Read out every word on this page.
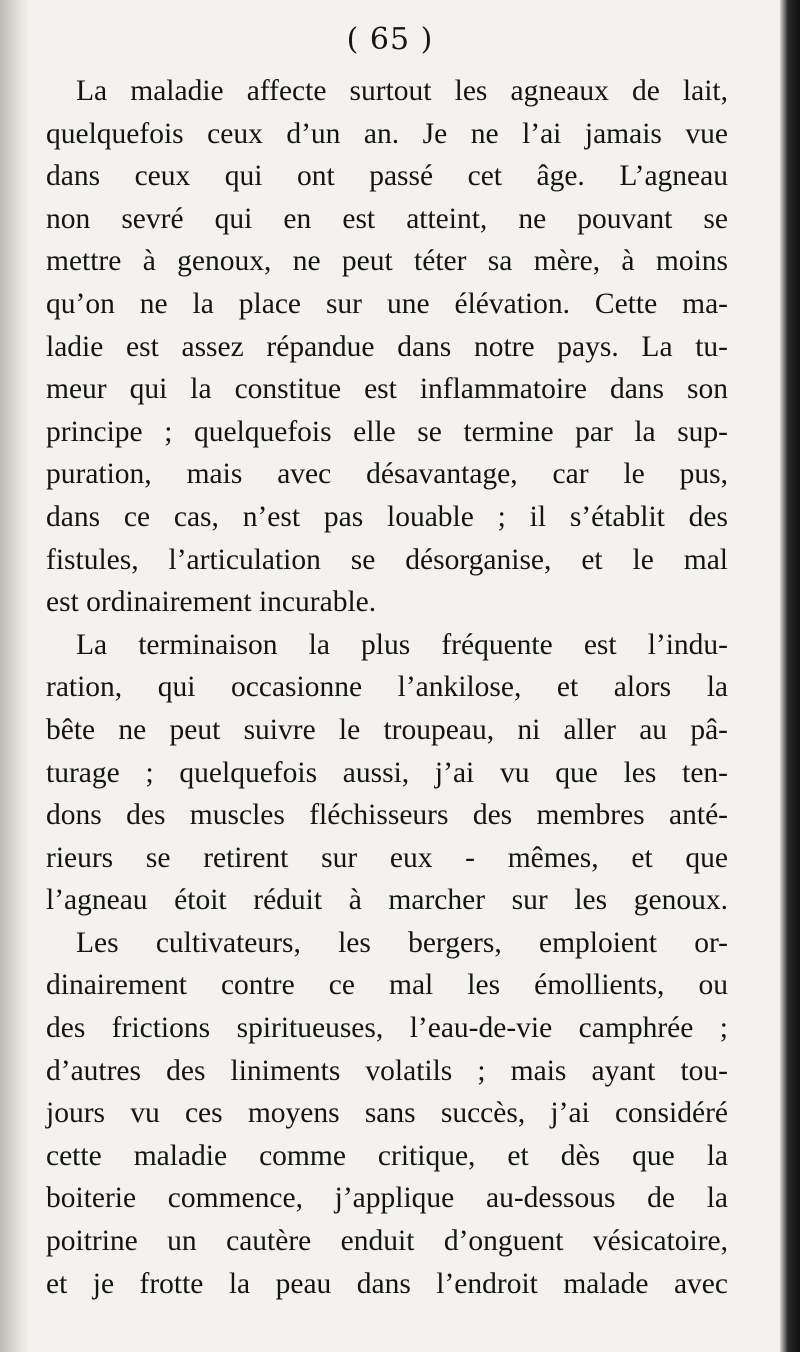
( 65 )
La maladie affecte surtout les agneaux de lait,
quelquefois ceux d’un an. Je ne l’ai jamais vue
dans ceux qui ont passé cet âge. L’agneau
non sevré qui en est atteint, ne pouvant se
mettre à genoux, ne peut téter sa mère, à moins
qu’on ne la place sur une élévation. Cette ma-
ladie est assez répandue dans notre pays. La tu-
meur qui la constitue est inflammatoire dans son
principe ; quelquefois elle se termine par la sup-
puration, mais avec désavantage, car le pus,
dans ce cas, n’est pas louable ; il s’établit des
fistules, l’articulation se désorganise, et le mal
est ordinairement incurable.
La terminaison la plus fréquente est l’indu-
ration, qui occasionne l’ankilose, et alors la
bête ne peut suivre le troupeau, ni aller au pâ-
turage ; quelquefois aussi, j’ai vu que les ten-
dons des muscles fléchisseurs des membres anté-
rieurs se retirent sur eux - mêmes, et que
l’agneau étoit réduit à marcher sur les genoux.
Les cultivateurs, les bergers, emploient or-
dinairement contre ce mal les émollients, ou
des frictions spiritueuses, l’eau-de-vie camphrée ;
d’autres des liniments volatils ; mais ayant tou-
jours vu ces moyens sans succès, j’ai considéré
cette maladie comme critique, et dès que la
boiterie commence, j’applique au-dessous de la
poitrine un cautère enduit d’onguent vésicatoire,
et je frotte la peau dans l’endroit malade avec
